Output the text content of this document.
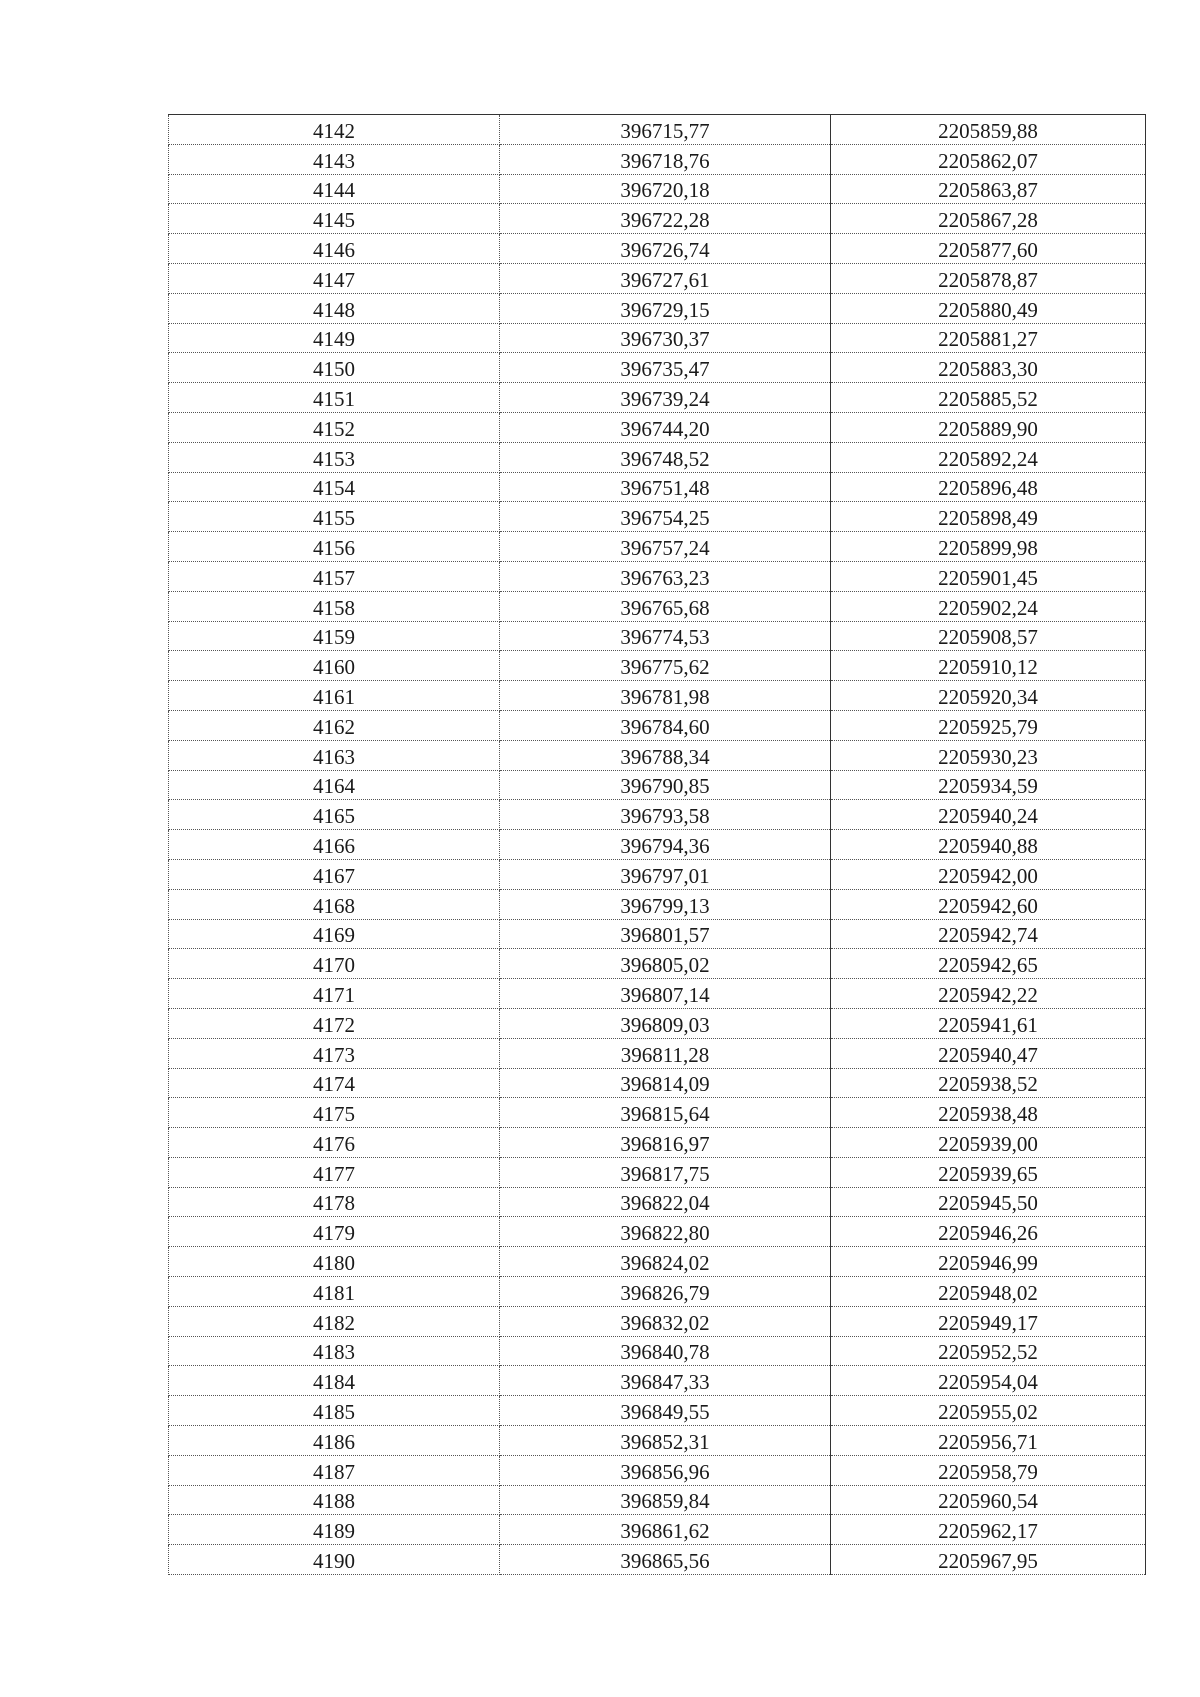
4142	396715,77	2205859,88
4143	396718,76	2205862,07
4144	396720,18	2205863,87
4145	396722,28	2205867,28
4146	396726,74	2205877,60
4147	396727,61	2205878,87
4148	396729,15	2205880,49
4149	396730,37	2205881,27
4150	396735,47	2205883,30
4151	396739,24	2205885,52
4152	396744,20	2205889,90
4153	396748,52	2205892,24
4154	396751,48	2205896,48
4155	396754,25	2205898,49
4156	396757,24	2205899,98
4157	396763,23	2205901,45
4158	396765,68	2205902,24
4159	396774,53	2205908,57
4160	396775,62	2205910,12
4161	396781,98	2205920,34
4162	396784,60	2205925,79
4163	396788,34	2205930,23
4164	396790,85	2205934,59
4165	396793,58	2205940,24
4166	396794,36	2205940,88
4167	396797,01	2205942,00
4168	396799,13	2205942,60
4169	396801,57	2205942,74
4170	396805,02	2205942,65
4171	396807,14	2205942,22
4172	396809,03	2205941,61
4173	396811,28	2205940,47
4174	396814,09	2205938,52
4175	396815,64	2205938,48
4176	396816,97	2205939,00
4177	396817,75	2205939,65
4178	396822,04	2205945,50
4179	396822,80	2205946,26
4180	396824,02	2205946,99
4181	396826,79	2205948,02
4182	396832,02	2205949,17
4183	396840,78	2205952,52
4184	396847,33	2205954,04
4185	396849,55	2205955,02
4186	396852,31	2205956,71
4187	396856,96	2205958,79
4188	396859,84	2205960,54
4189	396861,62	2205962,17
4190	396865,56	2205967,95
